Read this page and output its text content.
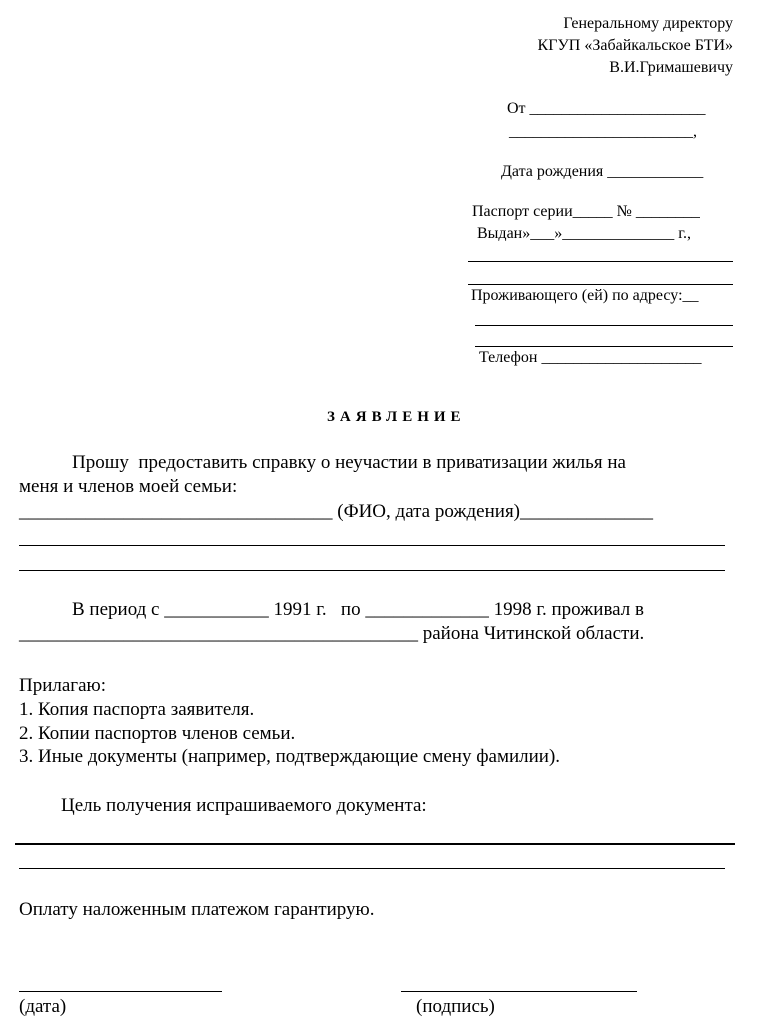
Генеральному директору
КГУП «Забайкальское БТИ»
В.И.Гримашевичу
От ______________________
_______________________,
Дата рождения ____________
Паспорт серии_____ № ________
Выдан»___»______________ г.,
Проживающего (ей) по адресу:__
Телефон ____________________
ЗАЯВЛЕНИЕ
Прошу  предоставить справку о неучастии в приватизации жилья на
меня и членов моей семьи:
_________________________________ (ФИО, дата рождения)______________
В период с ___________ 1991 г.   по _____________ 1998 г. проживал в
__________________________________________ района Читинской области.
Прилагаю:
1. Копия паспорта заявителя.
2. Копии паспортов членов семьи.
3. Иные документы (например, подтверждающие смену фамилии).
Цель получения испрашиваемого документа:
Оплату наложенным платежом гарантирую.
(дата)	(подпись)
